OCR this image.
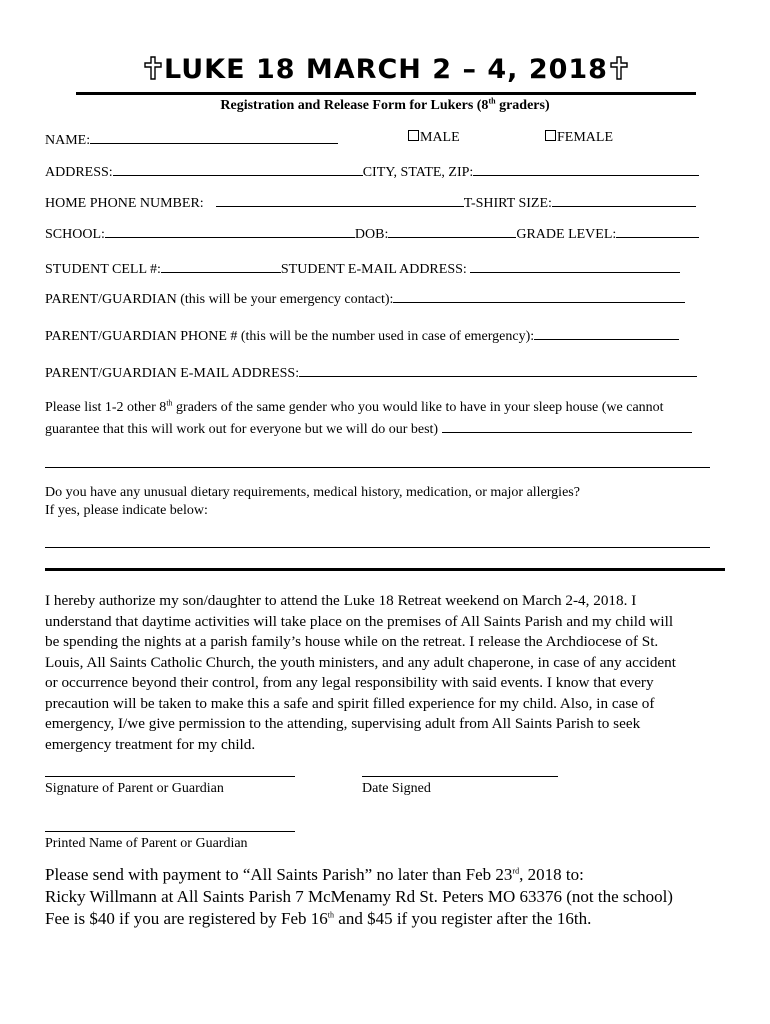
LUKE 18 MARCH 2 – 4, 2018
Registration and Release Form for Lukers (8th graders)
NAME:	MALE	FEMALE
ADDRESS:	CITY, STATE, ZIP:
HOME PHONE NUMBER:	T-SHIRT SIZE:
SCHOOL:	DOB:	GRADE LEVEL:
STUDENT CELL #:	STUDENT E-MAIL ADDRESS:
PARENT/GUARDIAN (this will be your emergency contact):
PARENT/GUARDIAN PHONE # (this will be the number used in case of emergency):
PARENT/GUARDIAN E-MAIL ADDRESS:
Please list 1-2 other 8th graders of the same gender who you would like to have in your sleep house (we cannot
guarantee that this will work out for everyone but we will do our best)
Do you have any unusual dietary requirements, medical history, medication, or major allergies?
If yes, please indicate below:
I hereby authorize my son/daughter to attend the Luke 18 Retreat weekend on March 2-4, 2018. I
understand that daytime activities will take place on the premises of All Saints Parish and my child will
be spending the nights at a parish family’s house while on the retreat. I release the Archdiocese of St.
Louis, All Saints Catholic Church, the youth ministers, and any adult chaperone, in case of any accident
or occurrence beyond their control, from any legal responsibility with said events. I know that every
precaution will be taken to make this a safe and spirit filled experience for my child. Also, in case of
emergency, I/we give permission to the attending, supervising adult from All Saints Parish to seek
emergency treatment for my child.
Signature of Parent or Guardian	Date Signed
Printed Name of Parent or Guardian
Please send with payment to “All Saints Parish” no later than Feb 23rd, 2018 to:
Ricky Willmann at All Saints Parish 7 McMenamy Rd St. Peters MO 63376 (not the school)
Fee is $40 if you are registered by Feb 16th and $45 if you register after the 16th.
